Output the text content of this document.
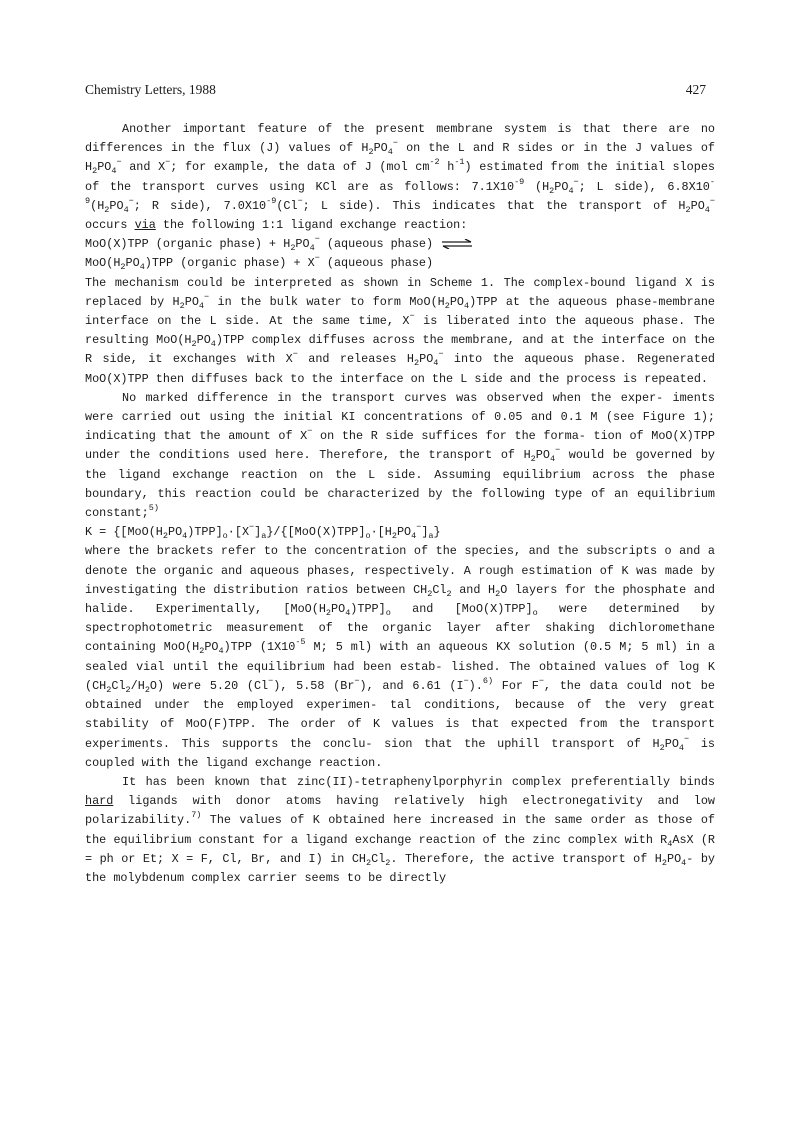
Chemistry Letters, 1988	427

Another important feature of the present membrane system is that there are no differences in the flux (J) values of $H_2PO_4^-$ on the L and R sides or in the J values of $H_2PO_4^-$ and X−; for example, the data of J (mol $cm^{-2}$ $h^{-1}$) estimated from the initial slopes of the transport curves using KCl are as follows: $7.1X10^{-9}$ ($H_2PO_4^-$; L side), $6.8X10^{-9}(H_2PO_4^-$; R side), $7.0X10^{-9}(Cl^-$; L side). This indicates that the transport of $H_2PO_4^-$ occurs via the following 1:1 ligand exchange reaction:

MoO(X)TPP (organic phase) + $H_2PO_4^-$ (aqueous phase) ⇌

$MoO(H_2PO_4)TPP$ (organic phase) + X− (aqueous phase)

The mechanism could be interpreted as shown in Scheme 1. The complex-bound ligand X is replaced by $H_2PO_4^-$ in the bulk water to form $MoO(H_2PO_4)TPP$ at the aqueous phase-membrane interface on the L side. At the same time, X− is liberated into the aqueous phase. The resulting $MoO(H_2PO_4)TPP$ complex diffuses across the membrane, and at the interface on the R side, it exchanges with X− and releases $H_2PO_4^-$ into the aqueous phase. Regenerated MoO(X)TPP then diffuses back to the interface on the L side and the process is repeated.

No marked difference in the transport curves was observed when the exper- iments were carried out using the initial KI concentrations of 0.05 and 0.1 M (see Figure 1); indicating that the amount of X− on the R side suffices for the forma- tion of MoO(X)TPP under the conditions used here. Therefore, the transport of $H_2PO_4^-$ would be governed by the ligand exchange reaction on the L side. Assuming equilibrium across the phase boundary, this reaction could be characterized by the following type of an equilibrium constant;$^{5)}$

$K = \{[MoO(H_2PO_4)TPP]_o\cdot[X^-]_a\}/\{[MoO(X)TPP]_o\cdot[H_2PO_4^-]_a\}$

where the brackets refer to the concentration of the species, and the subscripts o and a denote the organic and aqueous phases, respectively. A rough estimation of K was made by investigating the distribution ratios between $CH_2Cl_2$ and $H_2O$ layers for the phosphate and halide. Experimentally, $[MoO(H_2PO_4)TPP]_o$ and $[MoO(X)TPP]_o$ were determined by spectrophotometric measurement of the organic layer after shaking dichloromethane containing $MoO(H_2PO_4)TPP$ ($1X10^{-5}$ M; 5 ml) with an aqueous KX solution (0.5 M; 5 ml) in a sealed vial until the equilibrium had been estab- lished. The obtained values of log K $(CH_2Cl_2/H_2O)$ were 5.20 (Cl−), 5.58 (Br−), and 6.61 (I−).$^{6)}$ For F−, the data could not be obtained under the employed experimen- tal conditions, because of the very great stability of MoO(F)TPP. The order of K values is that expected from the transport experiments. This supports the conclu- sion that the uphill transport of $H_2PO_4^-$ is coupled with the ligand exchange reaction.

It has been known that zinc(II)-tetraphenylporphyrin complex preferentially binds hard ligands with donor atoms having relatively high electronegativity and low polarizability.$^{7)}$ The values of K obtained here increased in the same order as those of the equilibrium constant for a ligand exchange reaction of the zinc complex with $R_4AsX$ (R = ph or Et; X = F, Cl, Br, and I) in $CH_2Cl_2$. Therefore, the active transport of $H_2PO_4-$ by the molybdenum complex carrier seems to be directly
